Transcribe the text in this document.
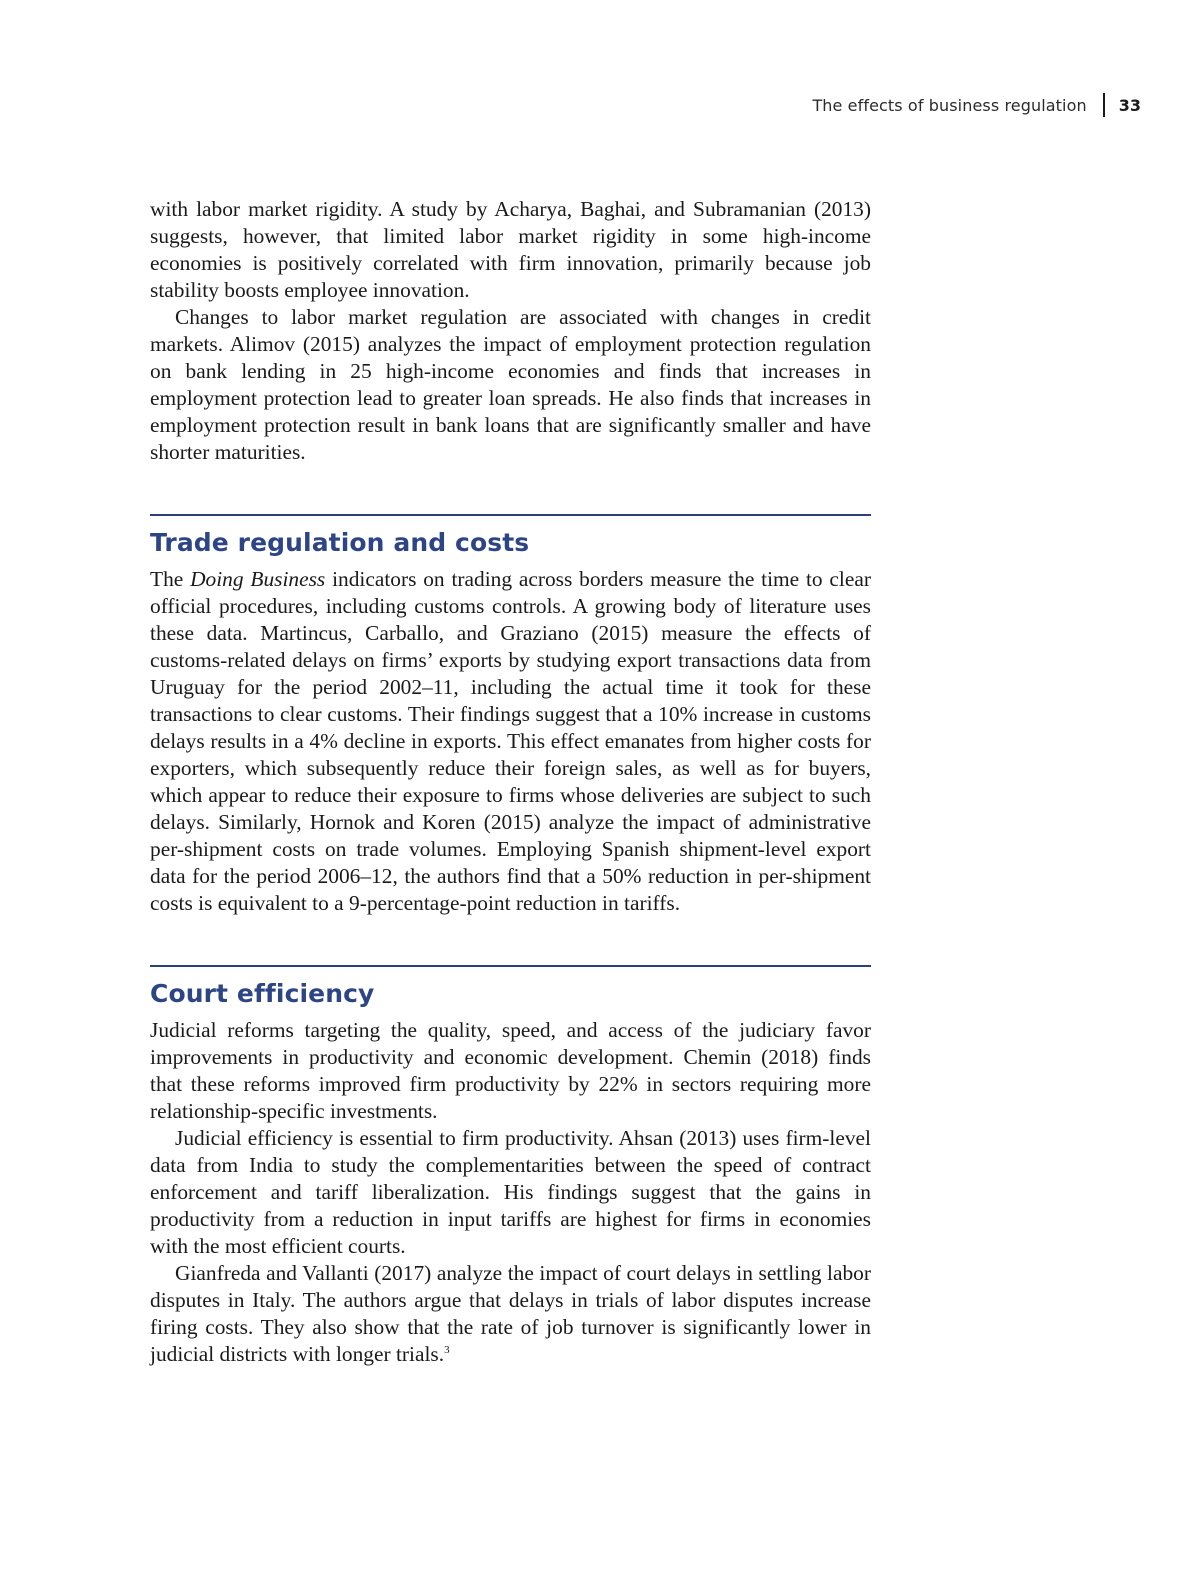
The effects of business regulation 33

with labor market rigidity. A study by Acharya, Baghai, and Subramanian (2013) suggests, however, that limited labor market rigidity in some high-income economies is positively correlated with firm innovation, primarily because job stability boosts employee innovation.

Changes to labor market regulation are associated with changes in credit markets. Alimov (2015) analyzes the impact of employment protection regulation on bank lending in 25 high-income economies and finds that increases in employment protection lead to greater loan spreads. He also finds that increases in employment protection result in bank loans that are significantly smaller and have shorter maturities.

Trade regulation and costs

The Doing Business indicators on trading across borders measure the time to clear official procedures, including customs controls. A growing body of literature uses these data. Martincus, Carballo, and Graziano (2015) measure the effects of customs-related delays on firms’ exports by studying export transactions data from Uruguay for the period 2002–11, including the actual time it took for these transactions to clear customs. Their findings suggest that a 10% increase in customs delays results in a 4% decline in exports. This effect emanates from higher costs for exporters, which subsequently reduce their foreign sales, as well as for buyers, which appear to reduce their exposure to firms whose deliveries are subject to such delays. Similarly, Hornok and Koren (2015) analyze the impact of administrative per-shipment costs on trade volumes. Employing Spanish shipment-level export data for the period 2006–12, the authors find that a 50% reduction in per-shipment costs is equivalent to a 9-percentage-point reduction in tariffs.

Court efficiency

Judicial reforms targeting the quality, speed, and access of the judiciary favor improvements in productivity and economic development. Chemin (2018) finds that these reforms improved firm productivity by 22% in sectors requiring more relationship-specific investments.

Judicial efficiency is essential to firm productivity. Ahsan (2013) uses firm-level data from India to study the complementarities between the speed of contract enforcement and tariff liberalization. His findings suggest that the gains in productivity from a reduction in input tariffs are highest for firms in economies with the most efficient courts.

Gianfreda and Vallanti (2017) analyze the impact of court delays in settling labor disputes in Italy. The authors argue that delays in trials of labor disputes increase firing costs. They also show that the rate of job turnover is significantly lower in judicial districts with longer trials.$^3$
